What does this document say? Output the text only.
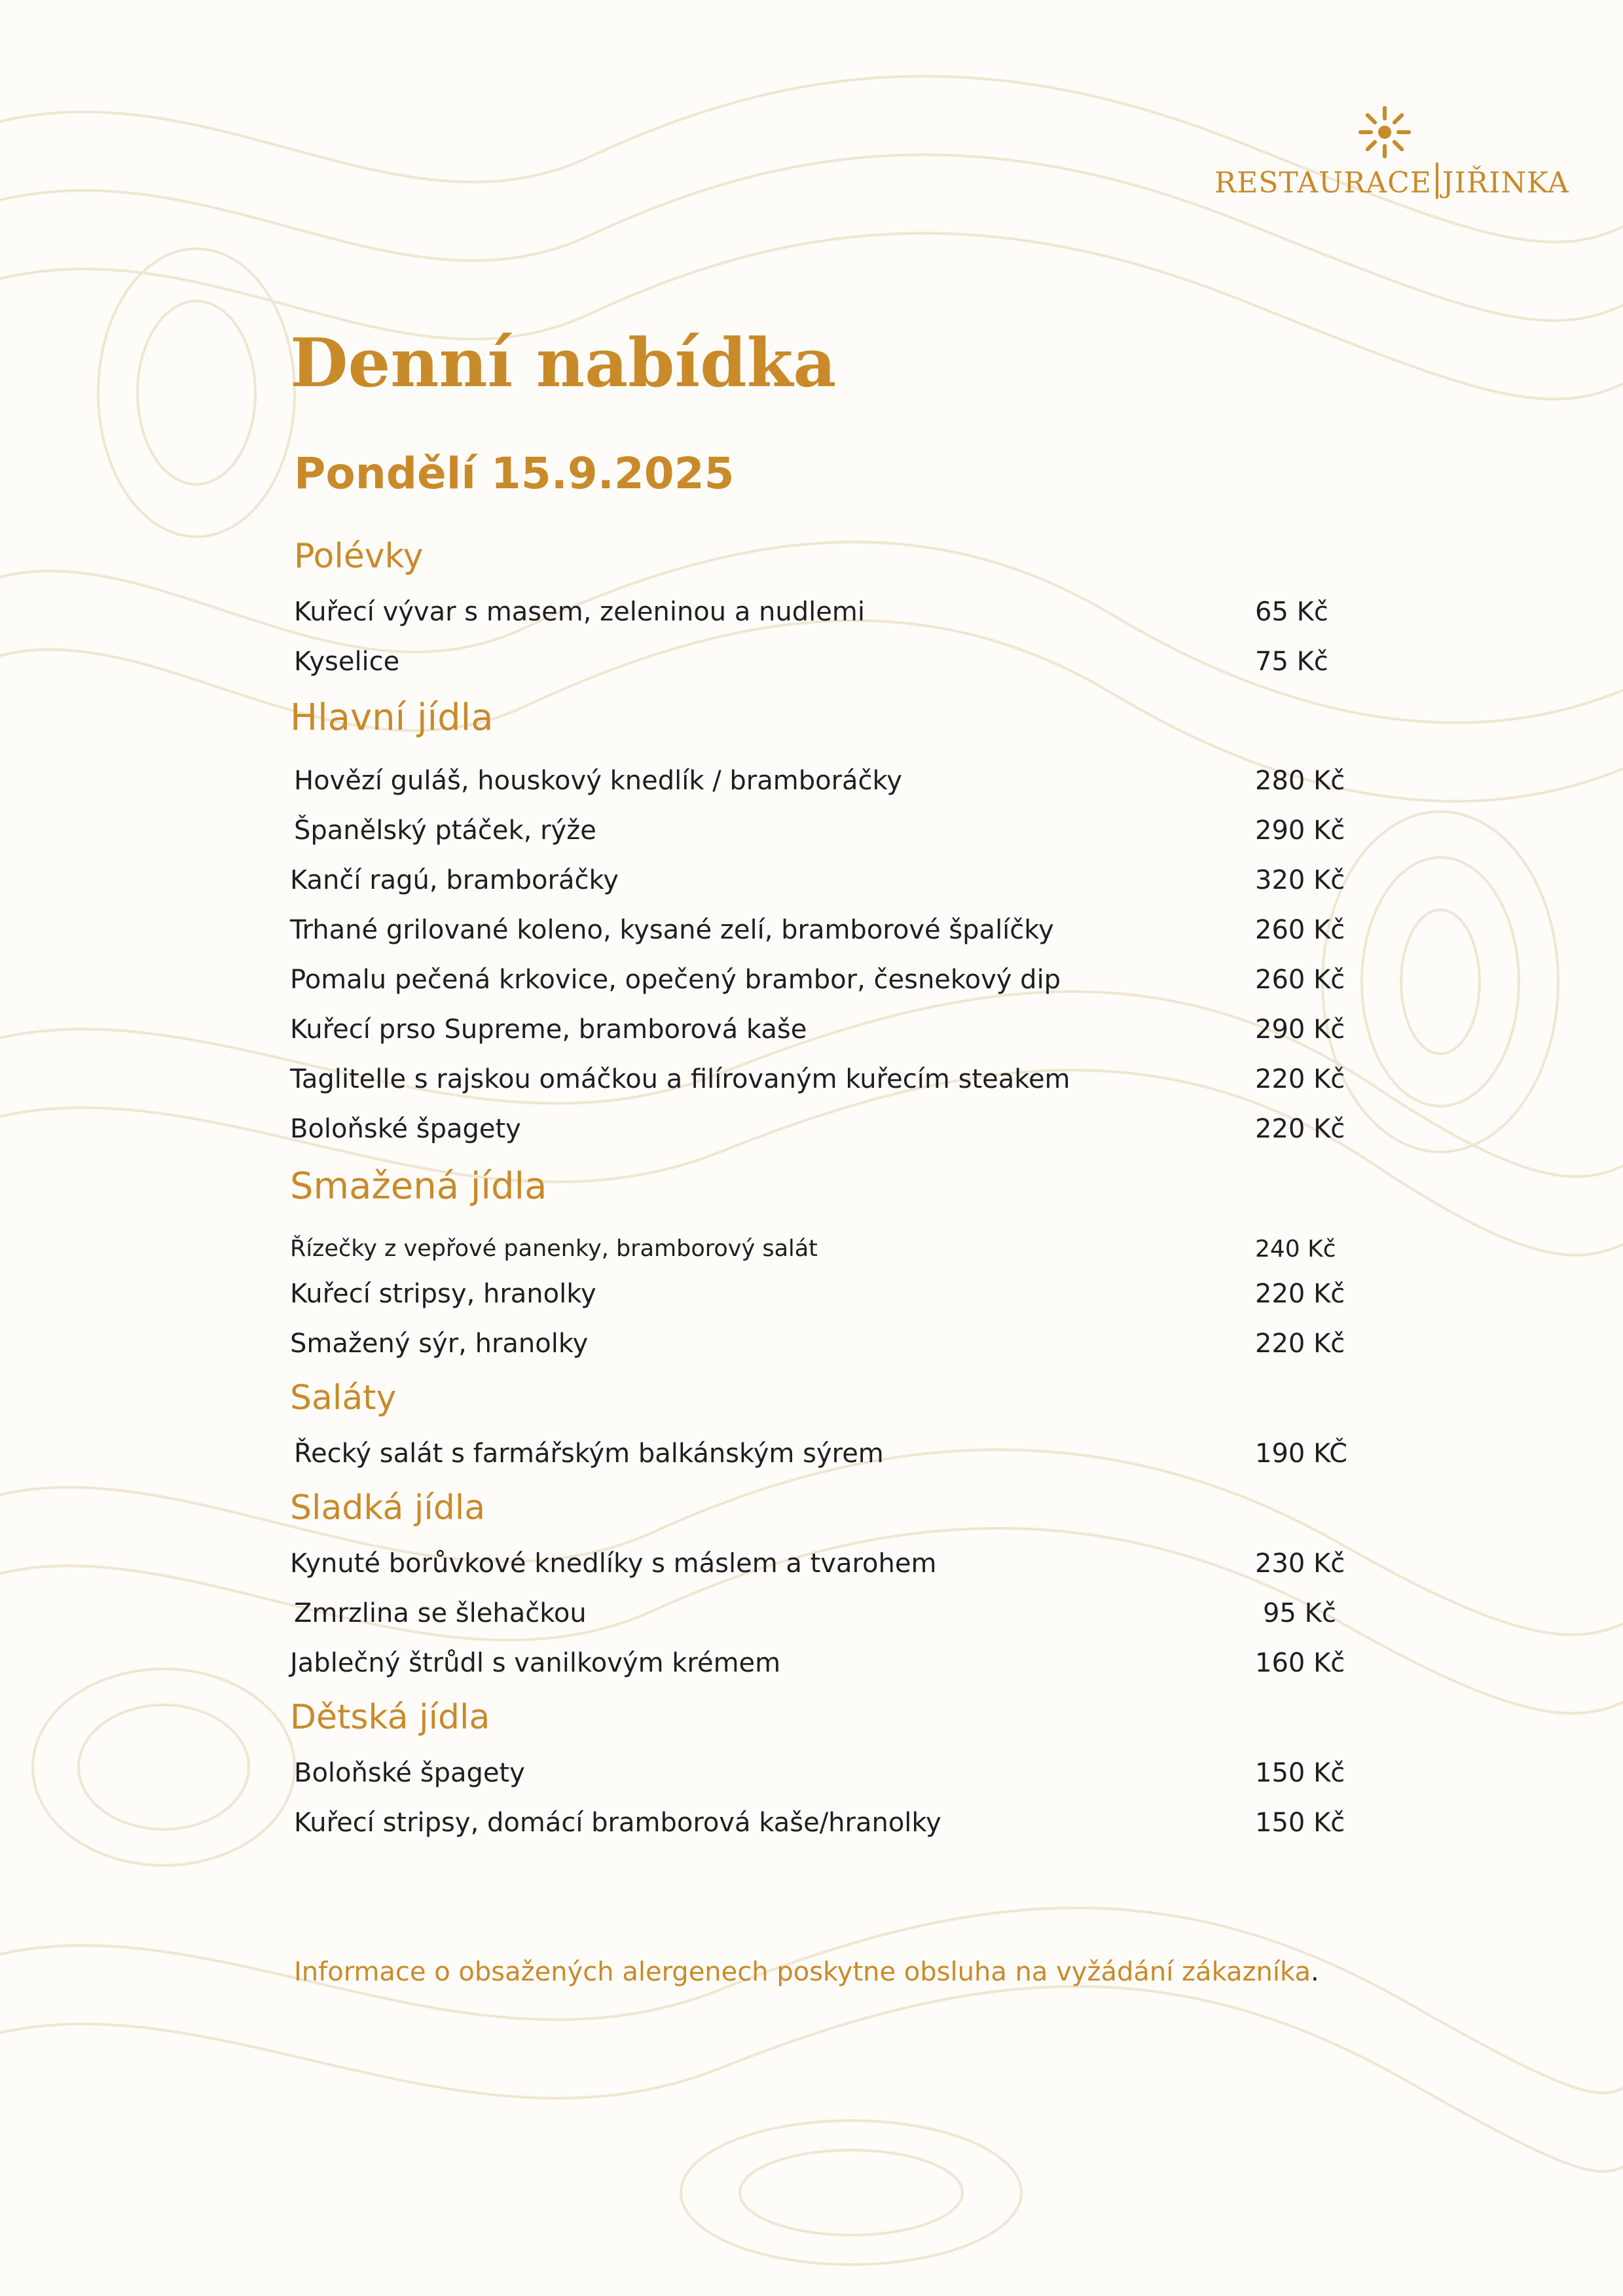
RESTAURACE JIŘINKA
Denní nabídka
Pondělí 15.9.2025
Polévky
Kuřecí vývar s masem, zeleninou a nudlemi	65 Kč
Kyselice	75 Kč
Hlavní jídla
Hovězí guláš, houskový knedlík / bramboráčky	280 Kč
Španělský ptáček, rýže	290 Kč
Kančí ragú, bramboráčky	320 Kč
Trhané grilované koleno, kysané zelí, bramborové špalíčky	260 Kč
Pomalu pečená krkovice, opečený brambor, česnekový dip	260 Kč
Kuřecí prso Supreme, bramborová kaše	290 Kč
Taglitelle s rajskou omáčkou a filírovaným kuřecím steakem	220 Kč
Boloňské špagety	220 Kč
Smažená jídla
Řízečky z vepřové panenky, bramborový salát	240 Kč
Kuřecí stripsy, hranolky	220 Kč
Smažený sýr, hranolky	220 Kč
Saláty
Řecký salát s farmářským balkánským sýrem	190 KČ
Sladká jídla
Kynuté borůvkové knedlíky s máslem a tvarohem	230 Kč
Zmrzlina se šlehačkou	95 Kč
Jablečný štrůdl s vanilkovým krémem	160 Kč
Dětská jídla
Boloňské špagety	150 Kč
Kuřecí stripsy, domácí bramborová kaše/hranolky	150 Kč
Informace o obsažených alergenech poskytne obsluha na vyžádání zákazníka.
